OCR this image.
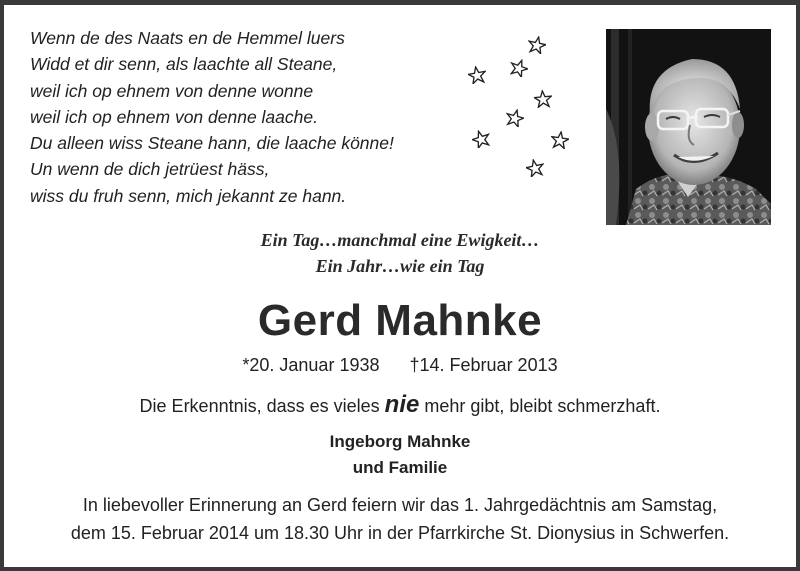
Wenn de des Naats en de Hemmel luers
Widd et dir senn, als laachte all Steane,
weil ich op ehnem von denne wonne
weil ich op ehnem von denne laache.
Du alleen wiss Steane hann, die laache könne!
Un wenn de dich jetrüest häss,
wiss du fruh senn, mich jekannt ze hann.
Ein Tag…manchmal eine Ewigkeit…
Ein Jahr…wie ein Tag
Gerd Mahnke
*20. Januar 1938 †14. Februar 2013
Die Erkenntnis, dass es vieles nie mehr gibt, bleibt schmerzhaft.
Ingeborg Mahnke
und Familie
In liebevoller Erinnerung an Gerd feiern wir das 1. Jahrgedächtnis am Samstag,
dem 15. Februar 2014 um 18.30 Uhr in der Pfarrkirche St. Dionysius in Schwerfen.
